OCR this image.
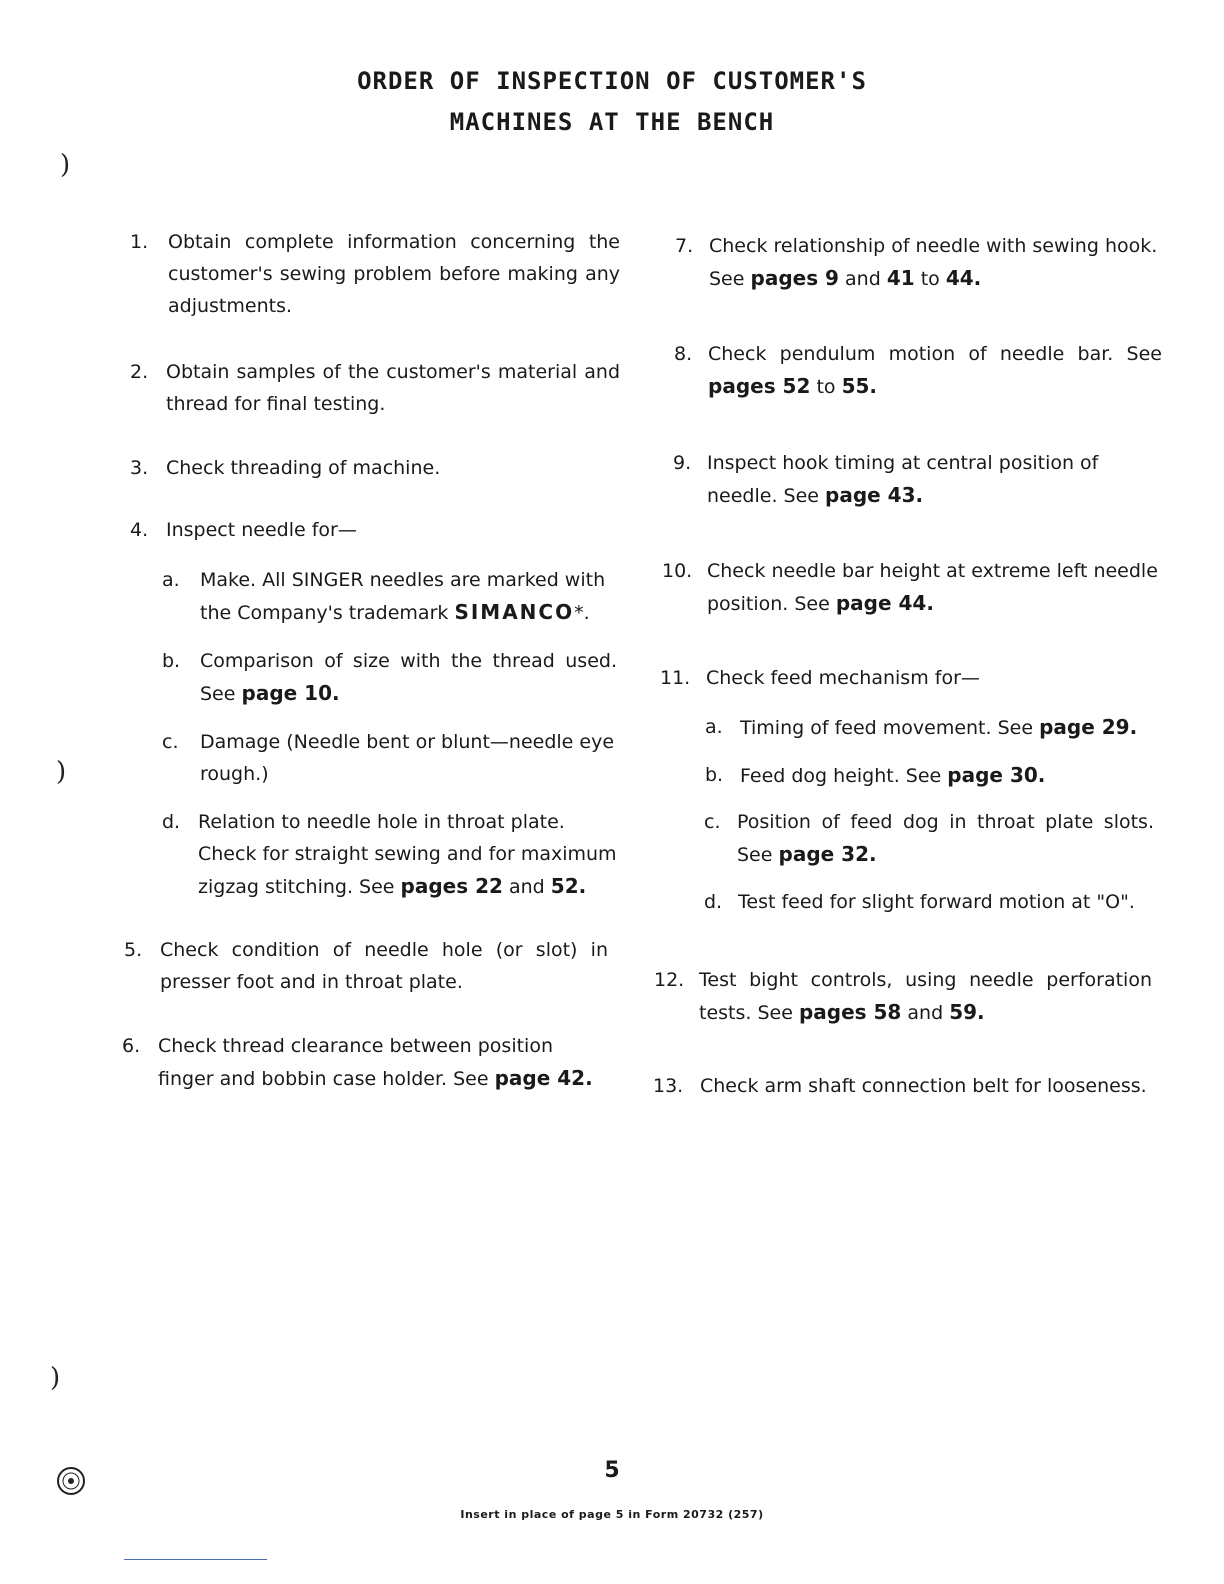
ORDER OF INSPECTION OF CUSTOMER'S
MACHINES AT THE BENCH
)
)
)
1. Obtain complete information concerning the customer's sewing problem before making any adjustments.
2. Obtain samples of the customer's material and thread for final testing.
3. Check threading of machine.
4. Inspect needle for—
a. Make. All SINGER needles are marked with the Company's trademark SIMANCO*.
b. Comparison of size with the thread used. See page 10.
c. Damage (Needle bent or blunt—needle eye rough.)
d. Relation to needle hole in throat plate. Check for straight sewing and for maximum zigzag stitching. See pages 22 and 52.
5. Check condition of needle hole (or slot) in presser foot and in throat plate.
6. Check thread clearance between position finger and bobbin case holder. See page 42.
7. Check relationship of needle with sewing hook. See pages 9 and 41 to 44.
8. Check pendulum motion of needle bar. See pages 52 to 55.
9. Inspect hook timing at central position of needle. See page 43.
10. Check needle bar height at extreme left needle position. See page 44.
11. Check feed mechanism for—
a. Timing of feed movement. See page 29.
b. Feed dog height. See page 30.
c. Position of feed dog in throat plate slots. See page 32.
d. Test feed for slight forward motion at "O".
12. Test bight controls, using needle perforation tests. See pages 58 and 59.
13. Check arm shaft connection belt for looseness.
5
Insert in place of page 5 in Form 20732 (257)
